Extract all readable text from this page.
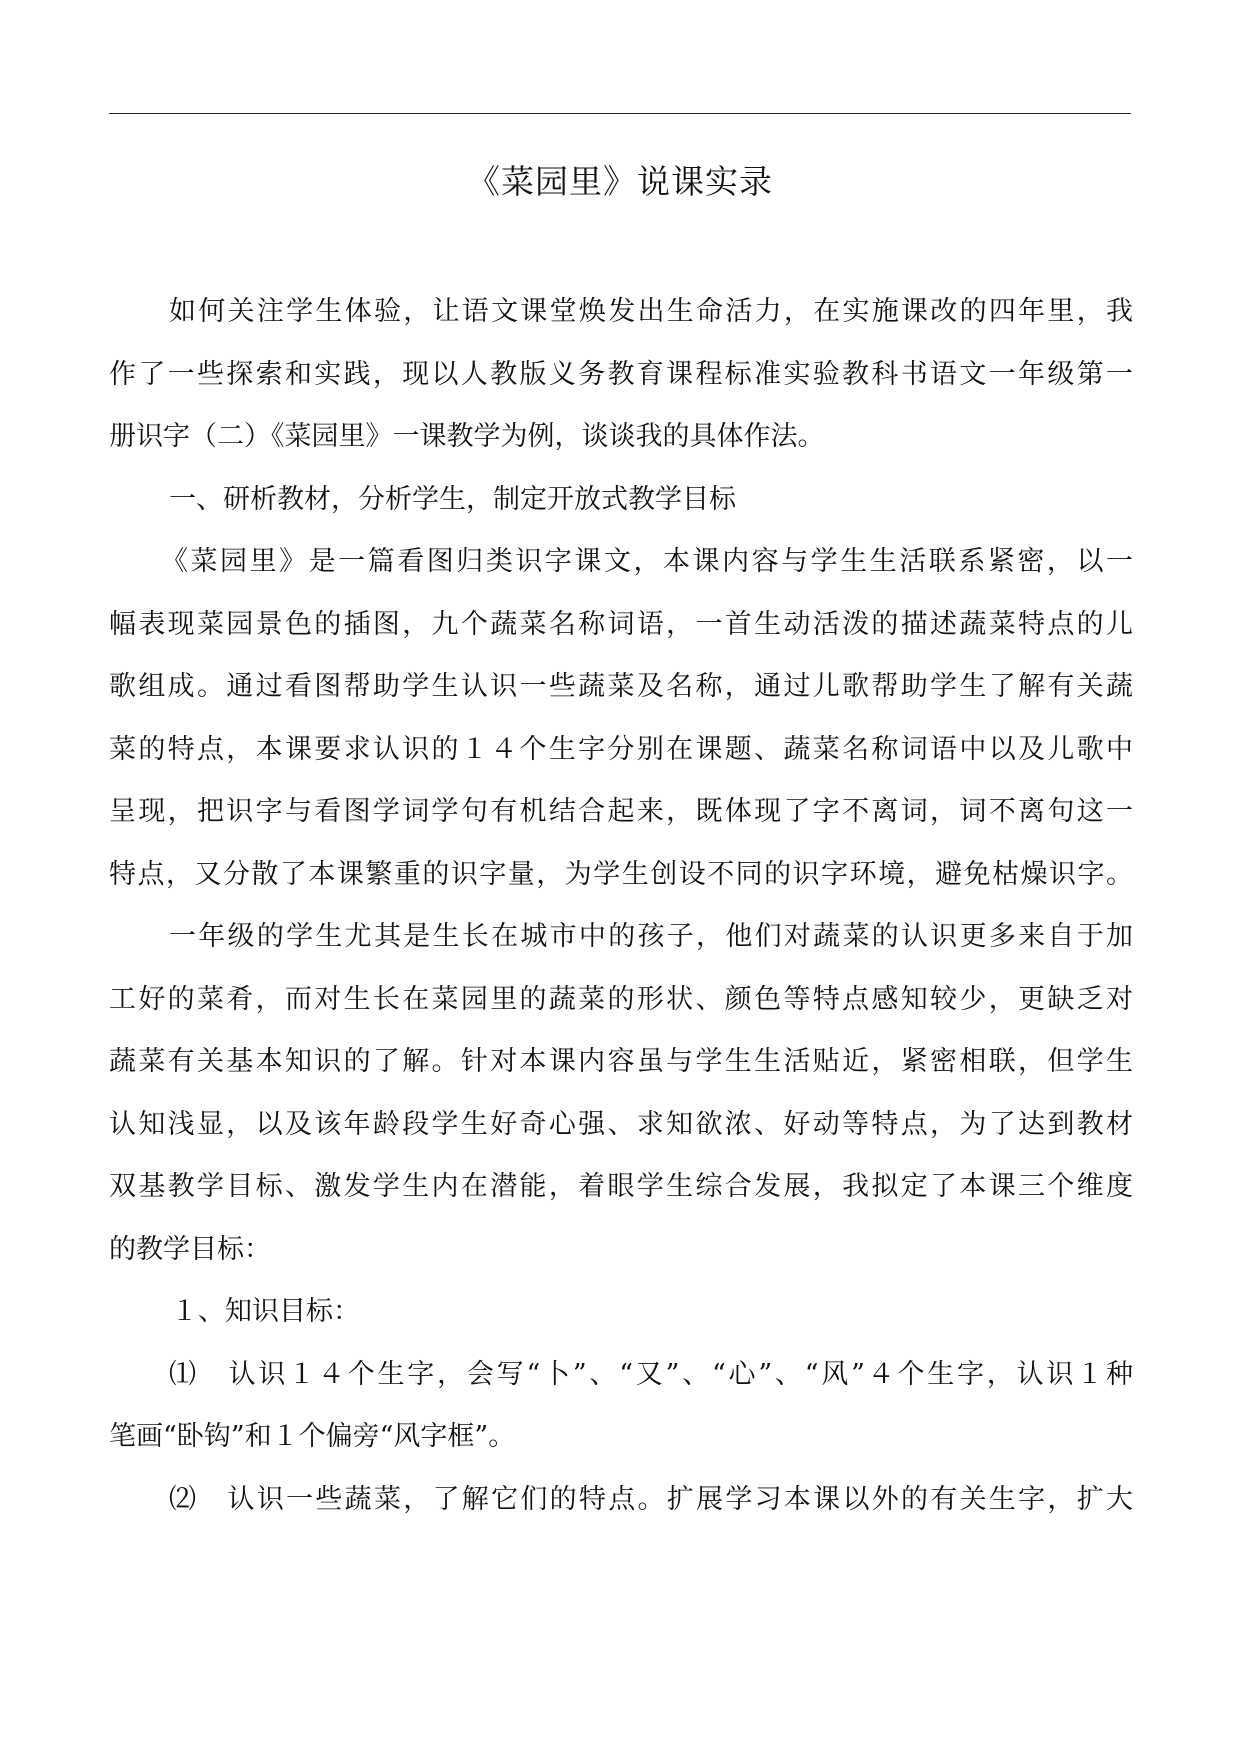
《菜园里》说课实录
如何关注学生体验，让语文课堂焕发出生命活力，在实施课改的四年里，我
作了一些探索和实践，现以人教版义务教育课程标准实验教科书语文一年级第一
册识字（二）《菜园里》一课教学为例，谈谈我的具体作法。
一、研析教材，分析学生，制定开放式教学目标
《菜园里》是一篇看图归类识字课文，本课内容与学生生活联系紧密，以一
幅表现菜园景色的插图，九个蔬菜名称词语，一首生动活泼的描述蔬菜特点的儿
歌组成。通过看图帮助学生认识一些蔬菜及名称，通过儿歌帮助学生了解有关蔬
菜的特点，本课要求认识的１４个生字分别在课题、蔬菜名称词语中以及儿歌中
呈现，把识字与看图学词学句有机结合起来，既体现了字不离词，词不离句这一
特点，又分散了本课繁重的识字量，为学生创设不同的识字环境，避免枯燥识字。
一年级的学生尤其是生长在城市中的孩子，他们对蔬菜的认识更多来自于加
工好的菜肴，而对生长在菜园里的蔬菜的形状、颜色等特点感知较少，更缺乏对
蔬菜有关基本知识的了解。针对本课内容虽与学生生活贴近，紧密相联，但学生
认知浅显，以及该年龄段学生好奇心强、求知欲浓、好动等特点，为了达到教材
双基教学目标、激发学生内在潜能，着眼学生综合发展，我拟定了本课三个维度
的教学目标：
１、知识目标：
⑴　认识１４个生字，会写“卜”、“又”、“心”、“风”４个生字，认识１种
笔画“卧钩”和１个偏旁“风字框”。
⑵　认识一些蔬菜，了解它们的特点。扩展学习本课以外的有关生字，扩大
